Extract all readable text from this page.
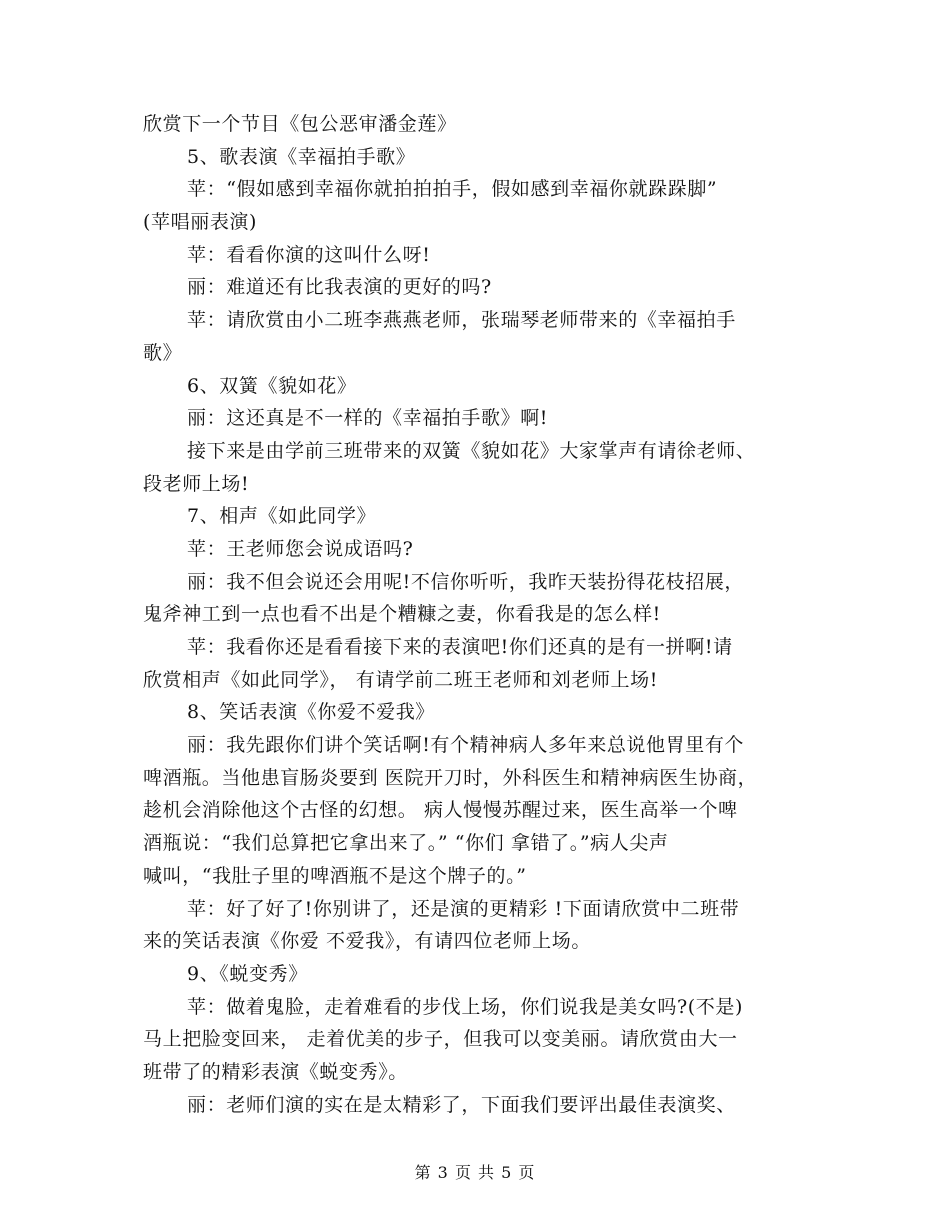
欣赏下一个节目《包公恶审潘金莲》
5、歌表演《幸福拍手歌》
苹：“假如感到幸福你就拍拍拍手，假如感到幸福你就跺跺脚”
(苹唱丽表演)
苹：看看你演的这叫什么呀!
丽：难道还有比我表演的更好的吗?
苹：请欣赏由小二班李燕燕老师，张瑞琴老师带来的《幸福拍手
歌》
6、双簧《貌如花》
丽：这还真是不一样的《幸福拍手歌》啊!
接下来是由学前三班带来的双簧《貌如花》大家掌声有请徐老师、
段老师上场!
7、相声《如此同学》
苹：王老师您会说成语吗?
丽：我不但会说还会用呢!不信你听听，我昨天装扮得花枝招展，
鬼斧神工到一点也看不出是个糟糠之妻，你看我是的怎么样!
苹：我看你还是看看接下来的表演吧!你们还真的是有一拼啊!请
欣赏相声《如此同学》， 有请学前二班王老师和刘老师上场!
8、笑话表演《你爱不爱我》
丽：我先跟你们讲个笑话啊!有个精神病人多年来总说他胃里有个
啤酒瓶。当他患盲肠炎要到 医院开刀时，外科医生和精神病医生协商，
趁机会消除他这个古怪的幻想。 病人慢慢苏醒过来，医生高举一个啤
酒瓶说：“我们总算把它拿出来了。” “你们 拿错了。”病人尖声
喊叫，“我肚子里的啤酒瓶不是这个牌子的。”
苹：好了好了!你别讲了，还是演的更精彩 !下面请欣赏中二班带
来的笑话表演《你爱 不爱我》，有请四位老师上场。
9、《蜕变秀》
苹：做着鬼脸，走着难看的步伐上场，你们说我是美女吗?(不是)
马上把脸变回来， 走着优美的步子，但我可以变美丽。请欣赏由大一
班带了的精彩表演《蜕变秀》。
丽：老师们演的实在是太精彩了，下面我们要评出最佳表演奖、
第 3 页 共 5 页
